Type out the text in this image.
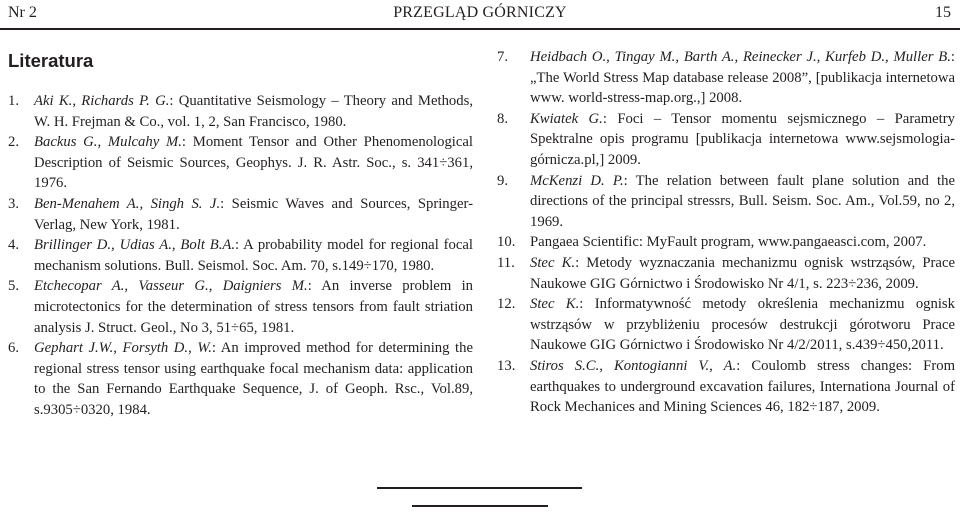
Nr 2	PRZEGLĄD GÓRNICZY	15
Literatura
1. Aki K., Richards P. G.: Quantitative Seismology – Theory and Methods, W. H. Frejman & Co., vol. 1, 2, San Francisco, 1980.
2. Backus G., Mulcahy M.: Moment Tensor and Other Phenomenological Description of Seismic Sources, Geophys. J. R. Astr. Soc., s. 341÷361, 1976.
3. Ben-Menahem A., Singh S. J.: Seismic Waves and Sources, Springer-Verlag, New York, 1981.
4. Brillinger D., Udias A., Bolt B.A.: A probability model for regional focal mechanism solutions. Bull. Seismol. Soc. Am. 70, s.149÷170, 1980.
5. Etchecopar A., Vasseur G., Daigniers M.: An inverse problem in microtectonics for the determination of stress tensors from fault striation analysis J. Struct. Geol., No 3, 51÷65, 1981.
6. Gephart J.W., Forsyth D., W.: An improved method for determining the regional stress tensor using earthquake focal mechanism data: application to the San Fernando Earthquake Sequence, J. of Geoph. Rsc., Vol.89, s.9305÷0320, 1984.
7. Heidbach O., Tingay M., Barth A., Reinecker J., Kurfeb D., Muller B.: „The World Stress Map database release 2008”, [publikacja internetowa www. world-stress-map.org.,] 2008.
8. Kwiatek G.: Foci – Tensor momentu sejsmicznego – Parametry Spektralne opis programu [publikacja internetowa www.sejsmologia-górnicza.pl,] 2009.
9. McKenzi D. P.: The relation between fault plane solution and the directions of the principal stressrs, Bull. Seism. Soc. Am., Vol.59, no 2, 1969.
10. Pangaea Scientific: MyFault program, www.pangaeasci.com, 2007.
11. Stec K.: Metody wyznaczania mechanizmu ognisk wstrząsów, Prace Naukowe GIG Górnictwo i Środowisko Nr 4/1, s. 223÷236, 2009.
12. Stec K.: Informatywność metody określenia mechanizmu ognisk wstrząsów w przybliżeniu procesów destrukcji górotworu Prace Naukowe GIG Górnictwo i Środowisko Nr 4/2/2011, s.439÷450,2011.
13. Stiros S.C., Kontogianni V., A.: Coulomb stress changes: From earthquakes to underground excavation failures, Internationa Journal of Rock Mechanices and Mining Sciences 46, 182÷187, 2009.
